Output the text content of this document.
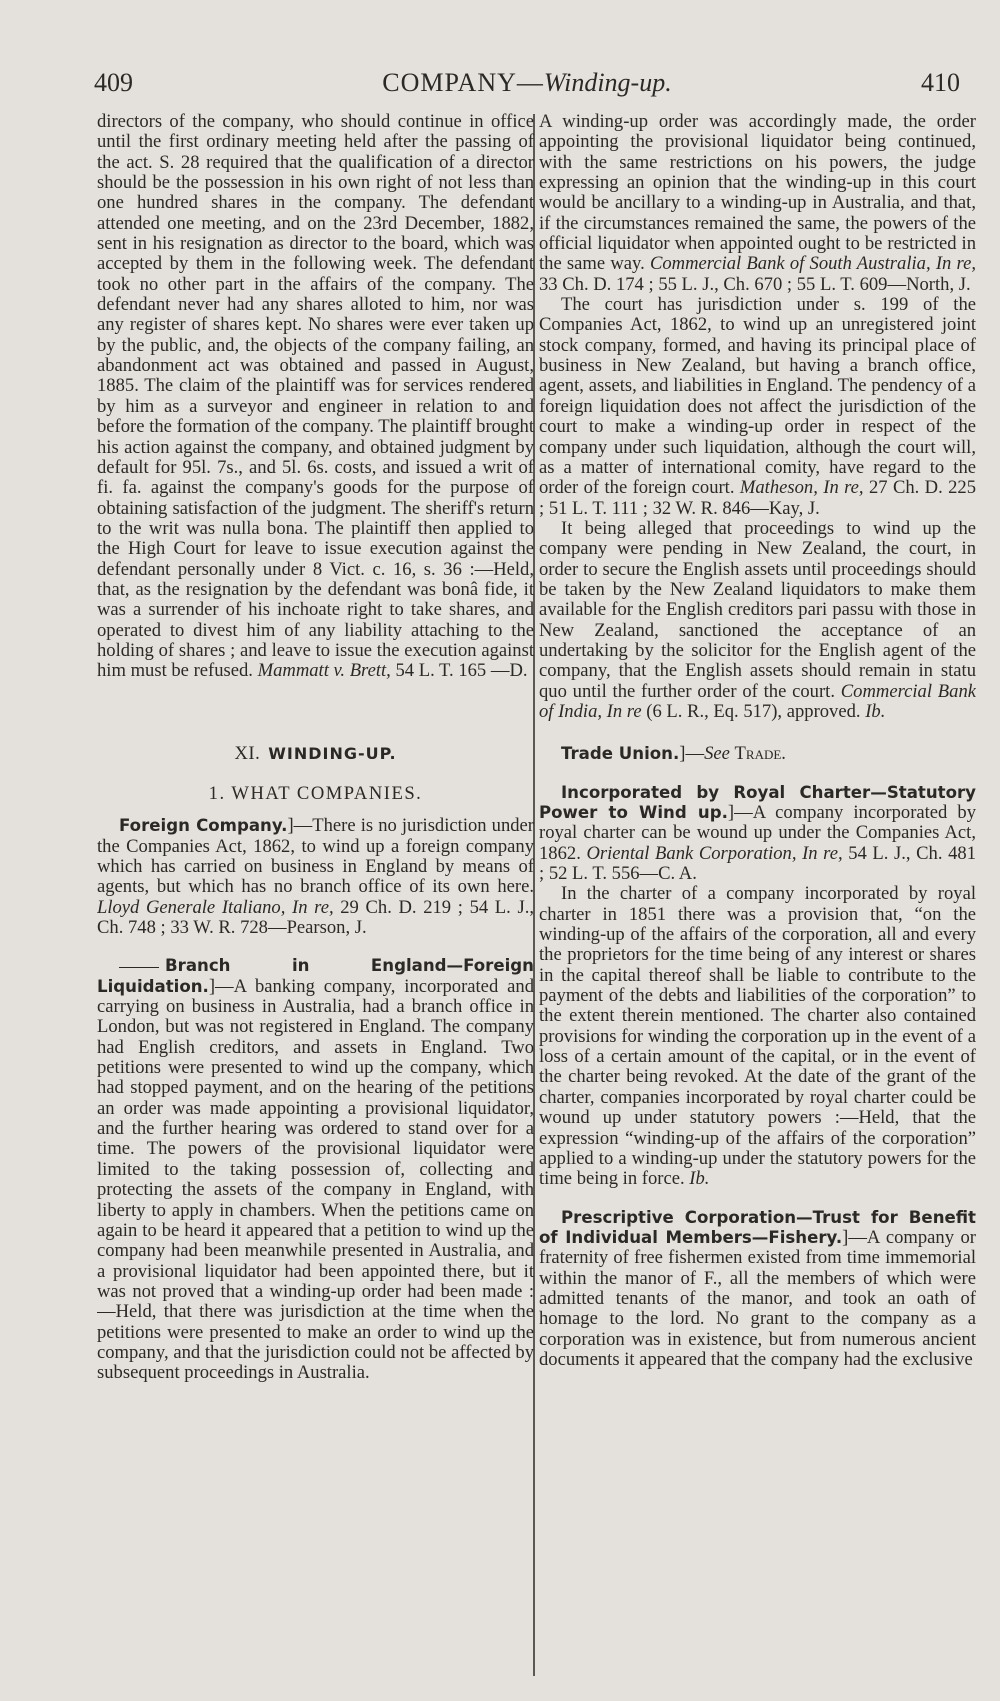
409	COMPANY—Winding-up.	410

directors of the company, who should continue in office until the first ordinary meeting held after the passing of the act. S. 28 required that the qualification of a director should be the possession in his own right of not less than one hundred shares in the company. The defendant attended one meeting, and on the 23rd December, 1882, sent in his resignation as director to the board, which was accepted by them in the following week. The defendant took no other part in the affairs of the company. The defendant never had any shares alloted to him, nor was any register of shares kept. No shares were ever taken up by the public, and, the objects of the company failing, an abandonment act was obtained and passed in August, 1885. The claim of the plaintiff was for services rendered by him as a surveyor and engineer in relation to and before the formation of the company. The plaintiff brought his action against the company, and obtained judgment by default for 95l. 7s., and 5l. 6s. costs, and issued a writ of fi. fa. against the company's goods for the purpose of obtaining satisfaction of the judgment. The sheriff's return to the writ was nulla bona. The plaintiff then applied to the High Court for leave to issue execution against the defendant personally under 8 Vict. c. 16, s. 36 :—Held, that, as the resignation by the defendant was bonâ fide, it was a surrender of his inchoate right to take shares, and operated to divest him of any liability attaching to the holding of shares ; and leave to issue the execution against him must be refused. Mammatt v. Brett, 54 L. T. 165 —D.

XI. WINDING-UP.
1. WHAT COMPANIES.

Foreign Company.]—There is no jurisdiction under the Companies Act, 1862, to wind up a foreign company which has carried on business in England by means of agents, but which has no branch office of its own here. Lloyd Generale Italiano, In re, 29 Ch. D. 219 ; 54 L. J., Ch. 748 ; 33 W. R. 728—Pearson, J.

Branch in England—Foreign Liquidation.]—A banking company, incorporated and carrying on business in Australia, had a branch office in London, but was not registered in England. The company had English creditors, and assets in England. Two petitions were presented to wind up the company, which had stopped payment, and on the hearing of the petitions an order was made appointing a provisional liquidator, and the further hearing was ordered to stand over for a time. The powers of the provisional liquidator were limited to the taking possession of, collecting and protecting the assets of the company in England, with liberty to apply in chambers. When the petitions came on again to be heard it appeared that a petition to wind up the company had been meanwhile presented in Australia, and a provisional liquidator had been appointed there, but it was not proved that a winding-up order had been made :—Held, that there was jurisdiction at the time when the petitions were presented to make an order to wind up the company, and that the jurisdiction could not be affected by subsequent proceedings in Australia.

A winding-up order was accordingly made, the order appointing the provisional liquidator being continued, with the same restrictions on his powers, the judge expressing an opinion that the winding-up in this court would be ancillary to a winding-up in Australia, and that, if the circumstances remained the same, the powers of the official liquidator when appointed ought to be restricted in the same way. Commercial Bank of South Australia, In re, 33 Ch. D. 174 ; 55 L. J., Ch. 670 ; 55 L. T. 609—North, J.

The court has jurisdiction under s. 199 of the Companies Act, 1862, to wind up an unregistered joint stock company, formed, and having its principal place of business in New Zealand, but having a branch office, agent, assets, and liabilities in England. The pendency of a foreign liquidation does not affect the jurisdiction of the court to make a winding-up order in respect of the company under such liquidation, although the court will, as a matter of international comity, have regard to the order of the foreign court. Matheson, In re, 27 Ch. D. 225 ; 51 L. T. 111 ; 32 W. R. 846—Kay, J.

It being alleged that proceedings to wind up the company were pending in New Zealand, the court, in order to secure the English assets until proceedings should be taken by the New Zealand liquidators to make them available for the English creditors pari passu with those in New Zealand, sanctioned the acceptance of an undertaking by the solicitor for the English agent of the company, that the English assets should remain in statu quo until the further order of the court. Commercial Bank of India, In re (6 L. R., Eq. 517), approved. Ib.

Trade Union.]—See Trade.

Incorporated by Royal Charter—Statutory Power to Wind up.]—A company incorporated by royal charter can be wound up under the Companies Act, 1862. Oriental Bank Corporation, In re, 54 L. J., Ch. 481 ; 52 L. T. 556—C. A.

In the charter of a company incorporated by royal charter in 1851 there was a provision that, “on the winding-up of the affairs of the corporation, all and every the proprietors for the time being of any interest or shares in the capital thereof shall be liable to contribute to the payment of the debts and liabilities of the corporation” to the extent therein mentioned. The charter also contained provisions for winding the corporation up in the event of a loss of a certain amount of the capital, or in the event of the charter being revoked. At the date of the grant of the charter, companies incorporated by royal charter could be wound up under statutory powers :—Held, that the expression “winding-up of the affairs of the corporation” applied to a winding-up under the statutory powers for the time being in force. Ib.

Prescriptive Corporation—Trust for Benefit of Individual Members—Fishery.]—A company or fraternity of free fishermen existed from time immemorial within the manor of F., all the members of which were admitted tenants of the manor, and took an oath of homage to the lord. No grant to the company as a corporation was in existence, but from numerous ancient documents it appeared that the company had the exclusive
